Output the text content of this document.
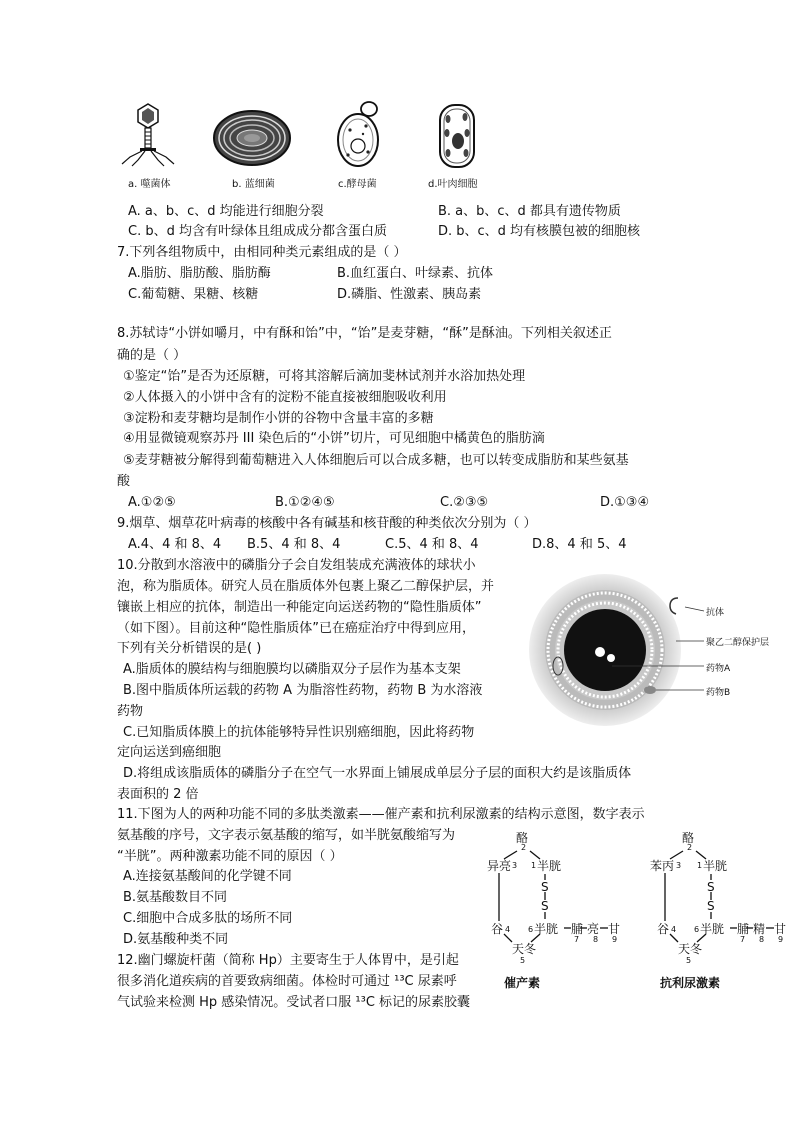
a. 噬菌体	b. 蓝细菌	c.酵母菌	d.叶肉细胞
A. a、b、c、d 均能进行细胞分裂	B. a、b、c、d 都具有遗传物质
C. b、d 均含有叶绿体且组成成分都含蛋白质	D. b、c、d 均有核膜包被的细胞核
7.下列各组物质中，由相同种类元素组成的是（ ）
A.脂肪、脂肪酸、脂肪酶	B.血红蛋白、叶绿素、抗体
C.葡萄糖、果糖、核糖	D.磷脂、性激素、胰岛素
8.苏轼诗“小饼如嚼月，中有酥和饴”中，“饴”是麦芽糖，“酥”是酥油。下列相关叙述正
确的是（ ）
①鉴定“饴”是否为还原糖，可将其溶解后滴加斐林试剂并水浴加热处理
②人体摄入的小饼中含有的淀粉不能直接被细胞吸收利用
③淀粉和麦芽糖均是制作小饼的谷物中含量丰富的多糖
④用显微镜观察苏丹 III 染色后的“小饼”切片，可见细胞中橘黄色的脂肪滴
⑤麦芽糖被分解得到葡萄糖进入人体细胞后可以合成多糖，也可以转变成脂肪和某些氨基
酸
A.①②⑤	B.①②④⑤	C.②③⑤	D.①③④
9.烟草、烟草花叶病毒的核酸中各有碱基和核苷酸的种类依次分别为（ ）
A.4、4 和 8、4 B.5、4 和 8、4	C.5、4 和 8、4	D.8、4 和 5、4
10.分散到水溶液中的磷脂分子会自发组装成充满液体的球状小
泡，称为脂质体。研究人员在脂质体外包裹上聚乙二醇保护层，并
镶嵌上相应的抗体，制造出一种能定向运送药物的“隐性脂质体”
（如下图）。目前这种“隐性脂质体”已在癌症治疗中得到应用，
下列有关分析错误的是( )
A.脂质体的膜结构与细胞膜均以磷脂双分子层作为基本支架
B.图中脂质体所运载的药物 A 为脂溶性药物，药物 B 为水溶液
药物
C.已知脂质体膜上的抗体能够特异性识别癌细胞，因此将药物
定向运送到癌细胞
D.将组成该脂质体的磷脂分子在空气一水界面上铺展成单层分子层的面积大约是该脂质体
表面积的 2 倍
抗体
聚乙二醇保护层
药物A
药物B
11.下图为人的两种功能不同的多肽类激素——催产素和抗利尿激素的结构示意图，数字表示
氨基酸的序号，文字表示氨基酸的缩写，如半胱氨酸缩写为
“半胱”。两种激素功能不同的原因（ ）
A.连接氨基酸间的化学键不同
B.氨基酸数目不同
C.细胞中合成多肽的场所不同
D.氨基酸种类不同
酪
2
异亮 3 1 半胱
S
S
谷 4 6 半胱 脯 亮 甘
7 8 9
天冬
5
催产素
酪
2
苯丙 3 1 半胱
S
S
谷 4 6 半胱 脯 精 甘
7 8 9
天冬
5
抗利尿激素
12.幽门螺旋杆菌（简称 Hp）主要寄生于人体胃中，是引起
很多消化道疾病的首要致病细菌。体检时可通过 ¹³C 尿素呼
气试验来检测 Hp 感染情况。受试者口服 ¹³C 标记的尿素胶囊
